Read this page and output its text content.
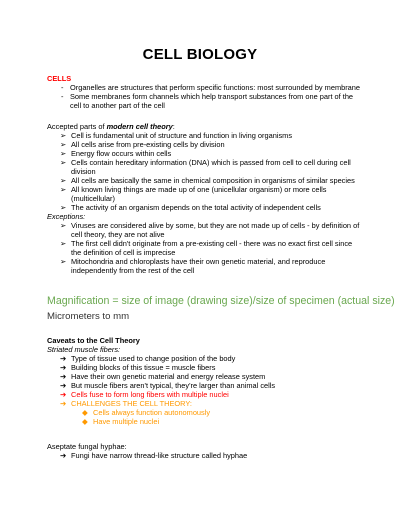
CELL BIOLOGY
CELLS
- Organelles are structures that perform specific functions: most surrounded by membrane
- Some membranes form channels which help transport substances from one part of the
cell to another part of the cell
Accepted parts of modern cell theory:
➢ Cell is fundamental unit of structure and function in living organisms
➢ All cells arise from pre-existing cells by division
➢ Energy flow occurs within cells
➢ Cells contain hereditary information (DNA) which is passed from cell to cell during cell
division
➢ All cells are basically the same in chemical composition in organisms of similar species
➢ All known living things are made up of one (unicellular organism) or more cells
(multicellular)
➢ The activity of an organism depends on the total activity of independent cells
Exceptions:
➢ Viruses are considered alive by some, but they are not made up of cells - by definition of
cell theory, they are not alive
➢ The first cell didn't originate from a pre-existing cell - there was no exact first cell since
the definition of cell is imprecise
➢ Mitochondria and chloroplasts have their own genetic material, and reproduce
independently from the rest of the cell
Magnification = size of image (drawing size)/size of specimen (actual size)
Micrometers to mm
Caveats to the Cell Theory
Striated muscle fibers:
➔ Type of tissue used to change position of the body
➔ Building blocks of this tissue = muscle fibers
➔ Have their own genetic material and energy release system
➔ But muscle fibers aren't typical, they're larger than animal cells
➔ Cells fuse to form long fibers with multiple nuclei
➔ CHALLENGES THE CELL THEORY:
◆ Cells always function autonomously
◆ Have multiple nuclei
Aseptate fungal hyphae:
➔ Fungi have narrow thread-like structure called hyphae
